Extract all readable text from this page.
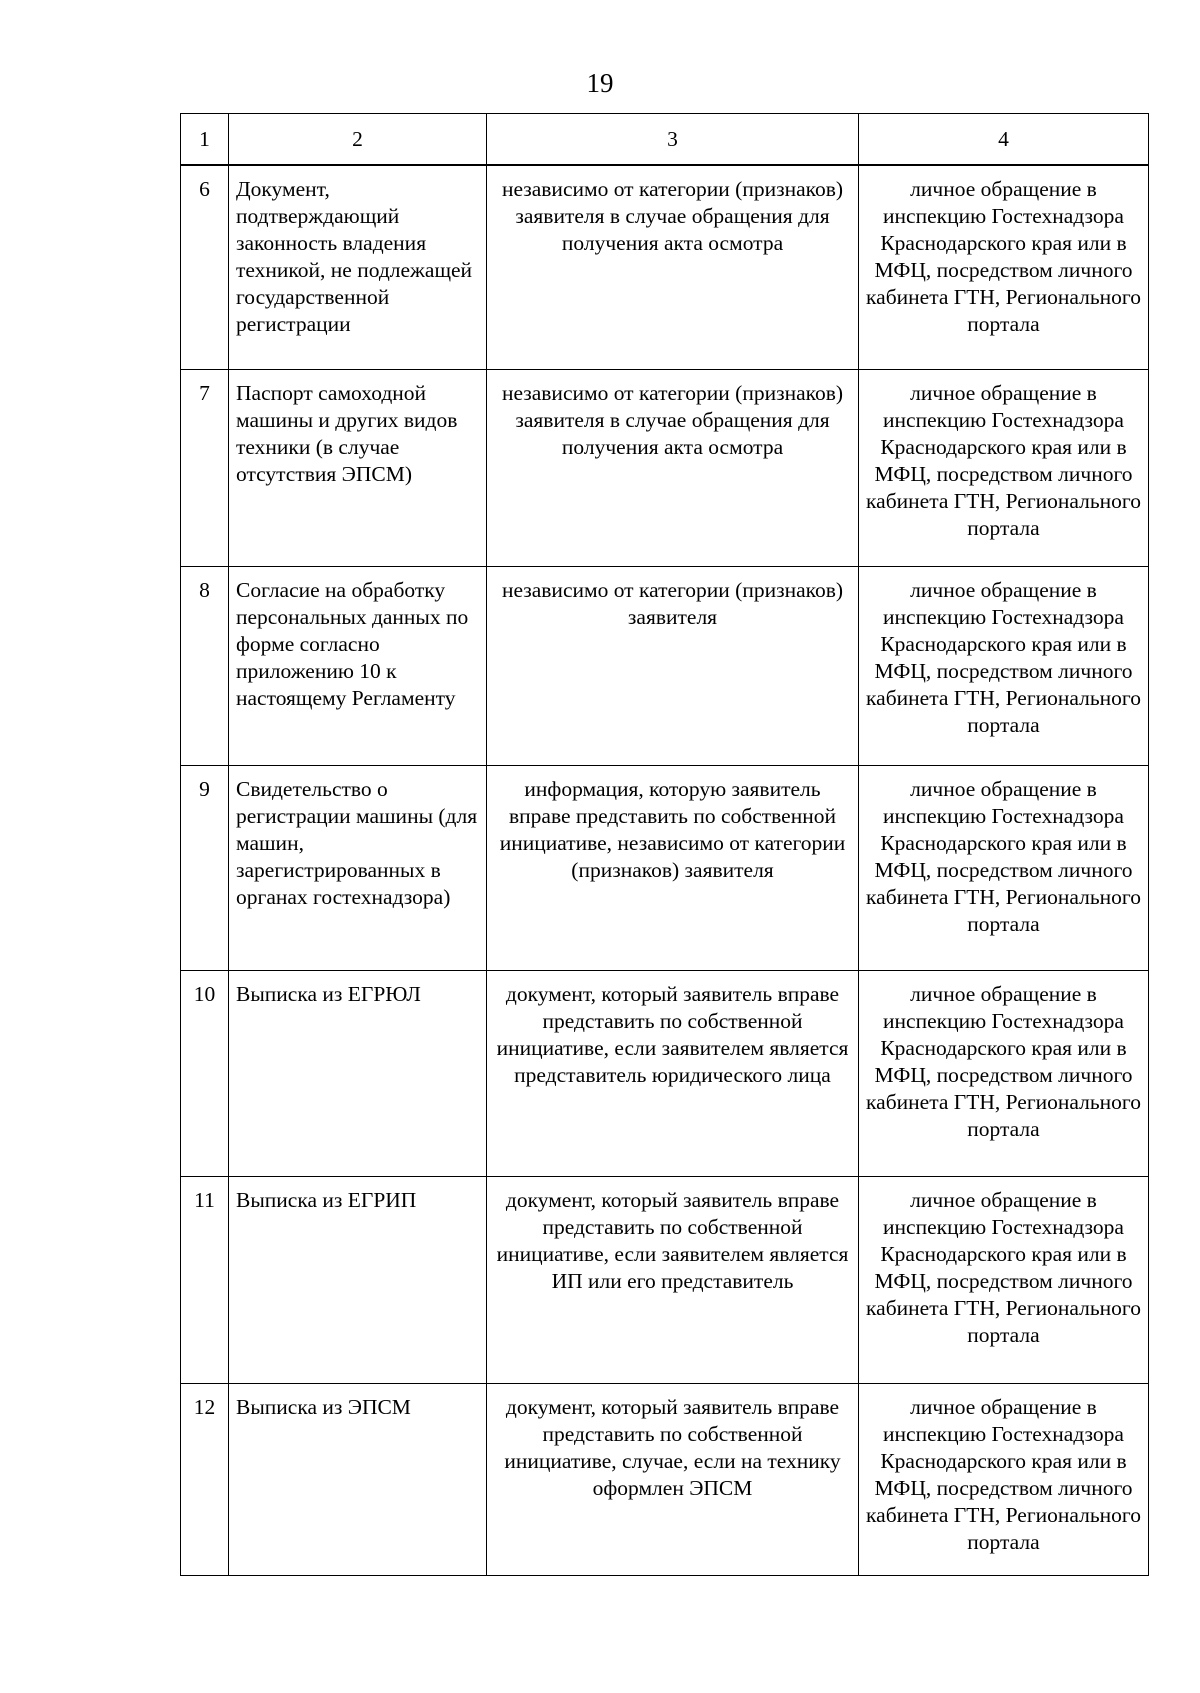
19
1	2	3	4
6	Документ, подтверждающий законность владения техникой, не подлежащей государственной регистрации	независимо от категории (признаков) заявителя в случае обращения для получения акта осмотра	личное обращение в инспекцию Гостехнадзора Краснодарского края или в МФЦ, посредством личного кабинета ГТН, Регионального портала
7	Паспорт самоходной машины и других видов техники (в случае отсутствия ЭПСМ)	независимо от категории (признаков) заявителя в случае обращения для получения акта осмотра	личное обращение в инспекцию Гостехнадзора Краснодарского края или в МФЦ, посредством личного кабинета ГТН, Регионального портала
8	Согласие на обработку персональных данных по форме согласно приложению 10 к настоящему Регламенту	независимо от категории (признаков) заявителя	личное обращение в инспекцию Гостехнадзора Краснодарского края или в МФЦ, посредством личного кабинета ГТН, Регионального портала
9	Свидетельство о регистрации машины (для машин, зарегистрированных в органах гостехнадзора)	информация, которую заявитель вправе представить по собственной инициативе, независимо от категории (признаков) заявителя	личное обращение в инспекцию Гостехнадзора Краснодарского края или в МФЦ, посредством личного кабинета ГТН, Регионального портала
10	Выписка из ЕГРЮЛ	документ, который заявитель вправе представить по собственной инициативе, если заявителем является представитель юридического лица	личное обращение в инспекцию Гостехнадзора Краснодарского края или в МФЦ, посредством личного кабинета ГТН, Регионального портала
11	Выписка из ЕГРИП	документ, который заявитель вправе представить по собственной инициативе, если заявителем является ИП или его представитель	личное обращение в инспекцию Гостехнадзора Краснодарского края или в МФЦ, посредством личного кабинета ГТН, Регионального портала
12	Выписка из ЭПСМ	документ, который заявитель вправе представить по собственной инициативе, случае, если на технику оформлен ЭПСМ	личное обращение в инспекцию Гостехнадзора Краснодарского края или в МФЦ, посредством личного кабинета ГТН, Регионального портала
